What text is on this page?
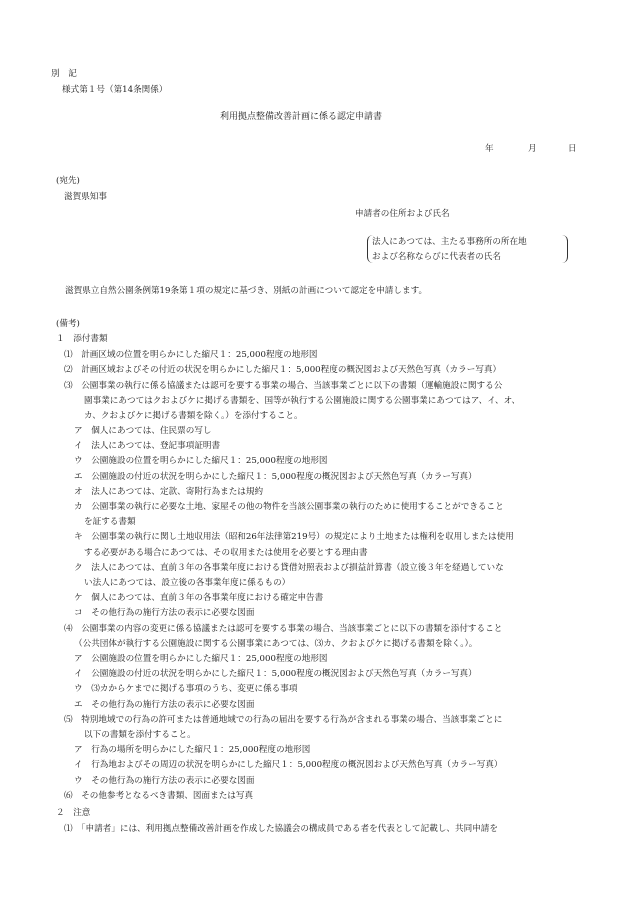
別　記
様式第１号（第14条関係）
利用拠点整備改善計画に係る認定申請書
年	月	日
(宛先)
滋賀県知事
申請者の住所および氏名
法人にあつては、主たる事務所の所在地
および名称ならびに代表者の氏名
滋賀県立自然公園条例第19条第１項の規定に基づき、別紙の計画について認定を申請します。
(備考)
１　添付書類
⑴　計画区域の位置を明らかにした縮尺１：25,000程度の地形図
⑵　計画区域およびその付近の状況を明らかにした縮尺１：5,000程度の概況図および天然色写真（カラー写真）
⑶　公園事業の執行に係る協議または認可を要する事業の場合、当該事業ごとに以下の書類（運輸施設に関する公
園事業にあつてはクおよびケに掲げる書類を、国等が執行する公園施設に関する公園事業にあつてはア、イ、オ、
カ、クおよびケに掲げる書類を除く。）を添付すること。
ア　個人にあつては、住民票の写し
イ　法人にあつては、登記事項証明書
ウ　公園施設の位置を明らかにした縮尺１：25,000程度の地形図
エ　公園施設の付近の状況を明らかにした縮尺１：5,000程度の概況図および天然色写真（カラー写真）
オ　法人にあつては、定款、寄附行為または規約
カ　公園事業の執行に必要な土地、家屋その他の物件を当該公園事業の執行のために使用することができること
を証する書類
キ　公園事業の執行に関し土地収用法（昭和26年法律第219号）の規定により土地または権利を収用しまたは使用
する必要がある場合にあつては、その収用または使用を必要とする理由書
ク　法人にあつては、直前３年の各事業年度における貸借対照表および損益計算書（設立後３年を経過していな
い法人にあつては、設立後の各事業年度に係るもの）
ケ　個人にあつては、直前３年の各事業年度における確定申告書
コ　その他行為の施行方法の表示に必要な図面
⑷　公園事業の内容の変更に係る協議または認可を要する事業の場合、当該事業ごとに以下の書類を添付すること
（公共団体が執行する公園施設に関する公園事業にあつては、⑶カ、クおよびケに掲げる書類を除く。）。
ア　公園施設の位置を明らかにした縮尺１：25,000程度の地形図
イ　公園施設の付近の状況を明らかにした縮尺１：5,000程度の概況図および天然色写真（カラー写真）
ウ　⑶カからケまでに掲げる事項のうち、変更に係る事項
エ　その他行為の施行方法の表示に必要な図面
⑸　特別地域での行為の許可または普通地域での行為の届出を要する行為が含まれる事業の場合、当該事業ごとに
以下の書類を添付すること。
ア　行為の場所を明らかにした縮尺１：25,000程度の地形図
イ　行為地およびその周辺の状況を明らかにした縮尺１：5,000程度の概況図および天然色写真（カラー写真）
ウ　その他行為の施行方法の表示に必要な図面
⑹　その他参考となるべき書類、図面または写真
２　注意
⑴　「申請者」には、利用拠点整備改善計画を作成した協議会の構成員である者を代表として記載し、共同申請を
